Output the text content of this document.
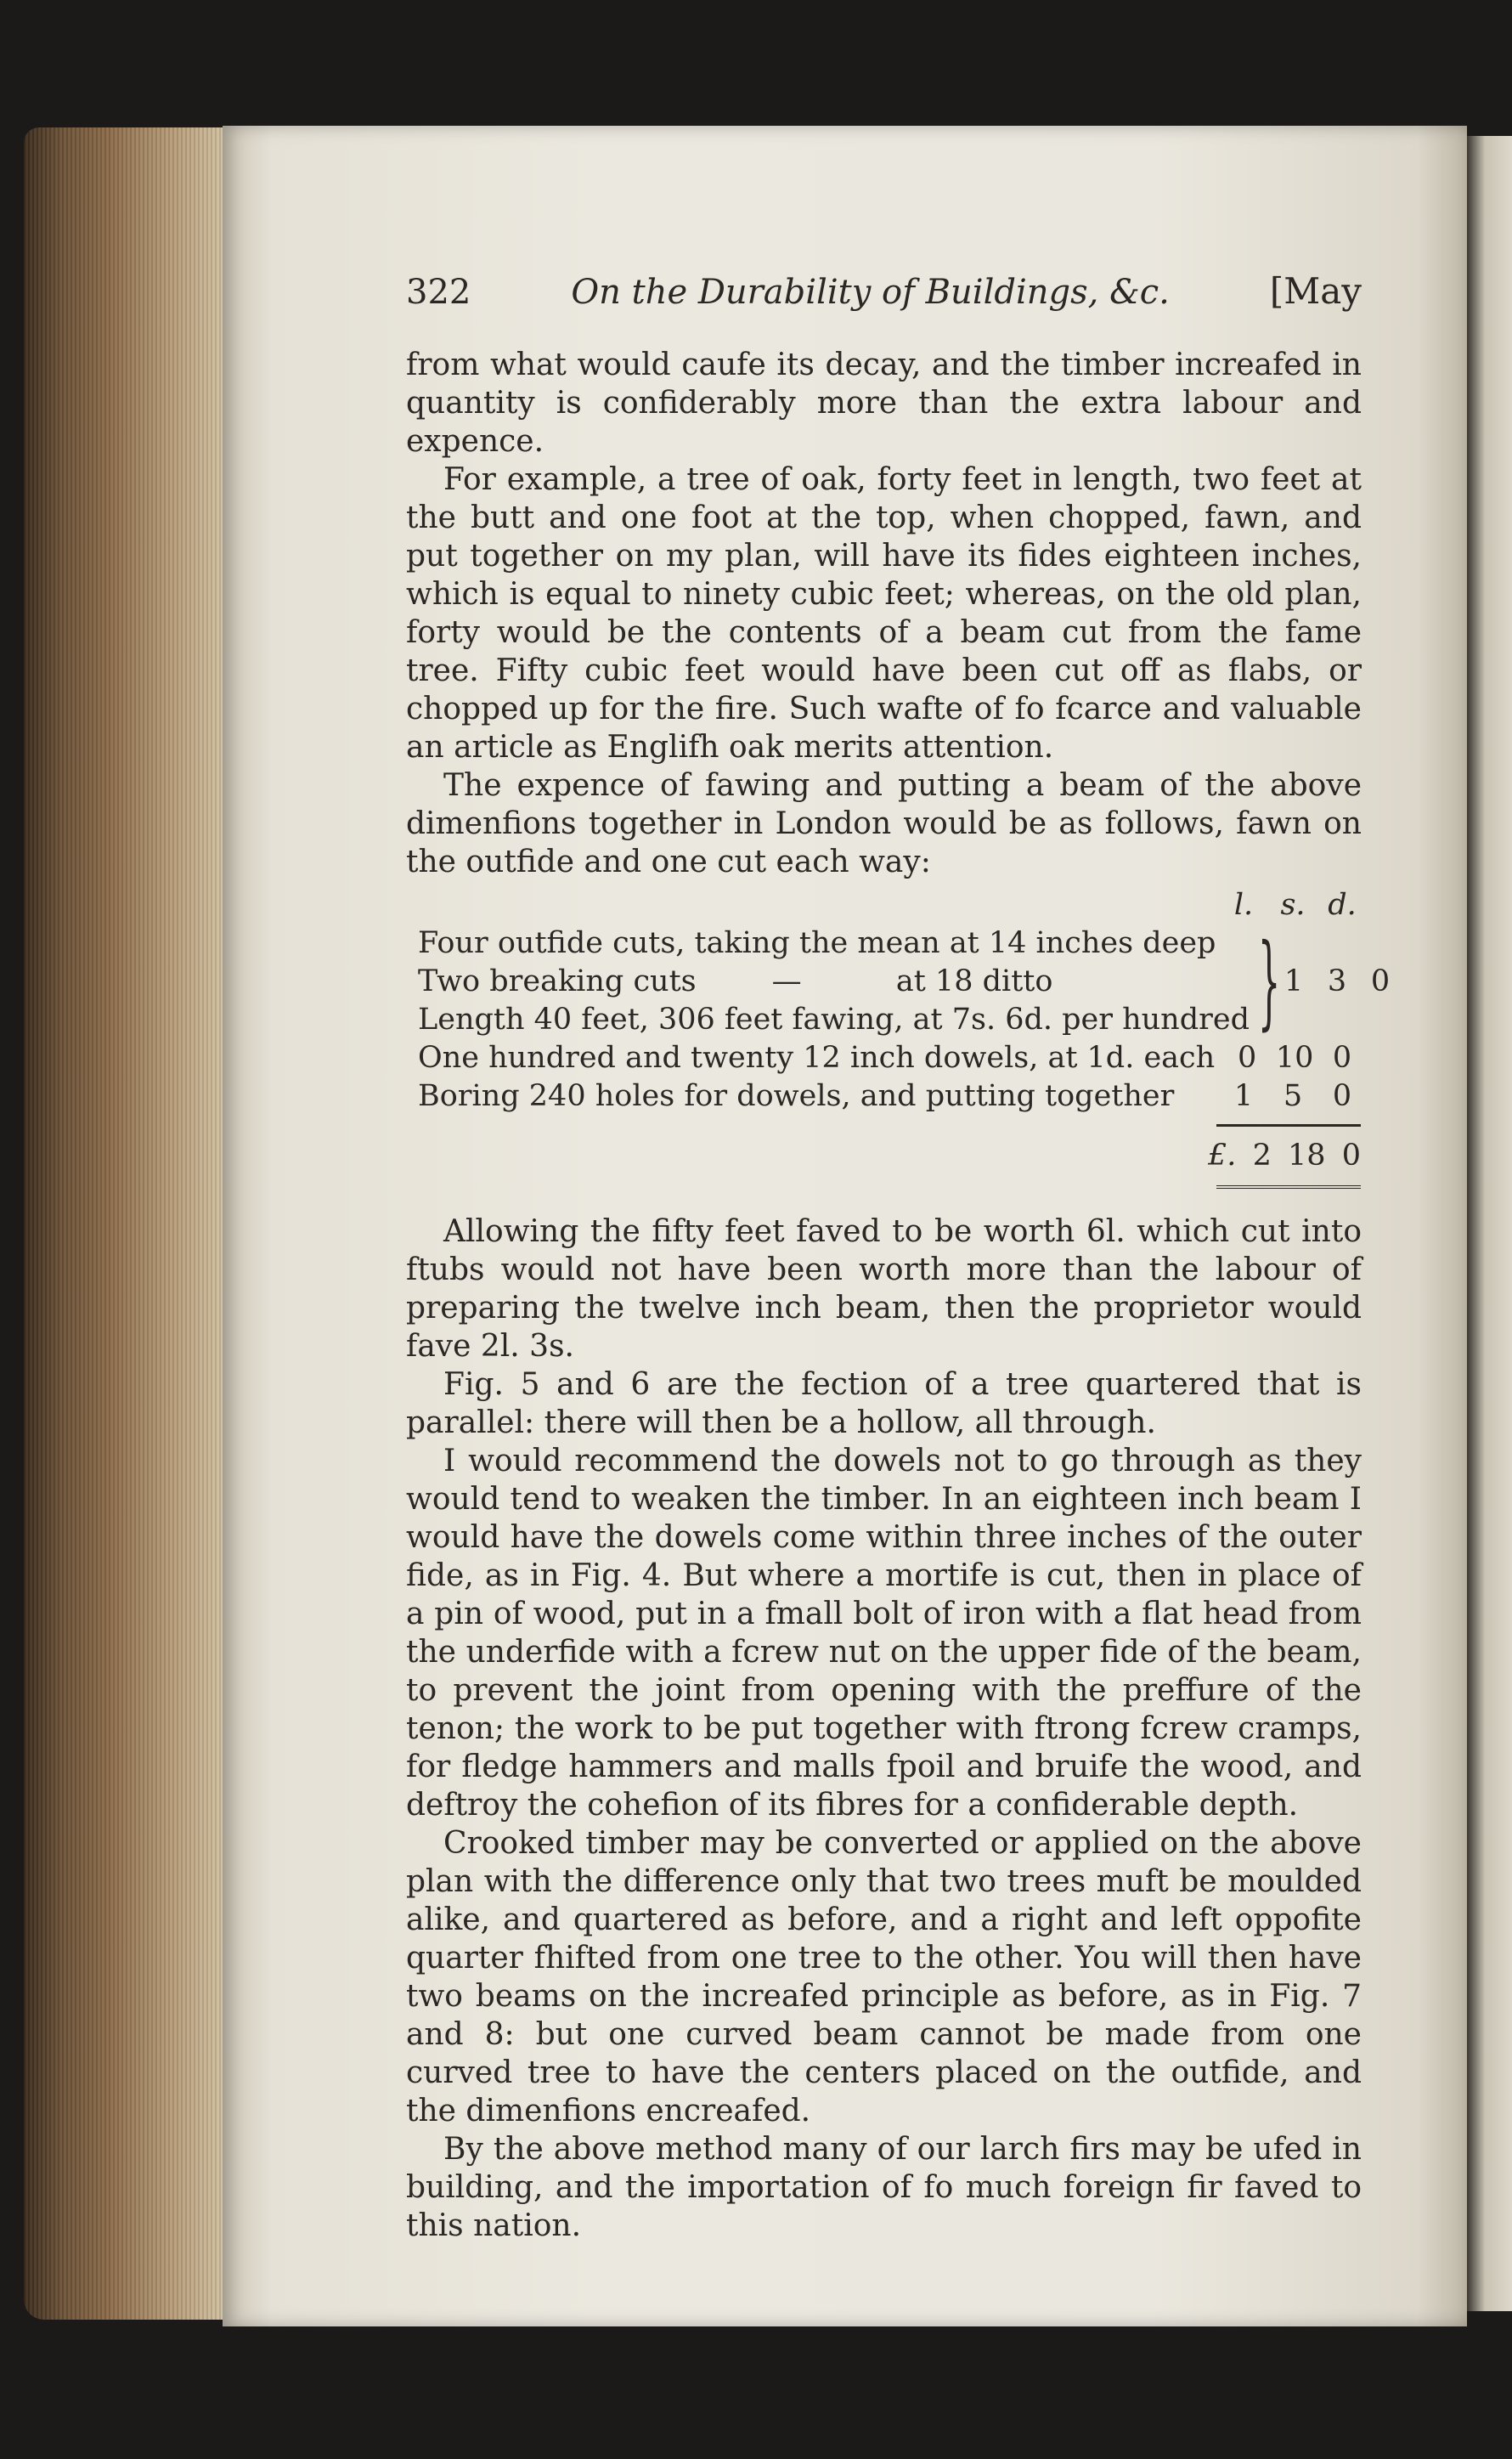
322	On the Durability of Buildings, &c.	[May

from what would caufe its decay, and the timber increafed in quantity is confiderably more than the extra labour and expence.

For example, a tree of oak, forty feet in length, two feet at the butt and one foot at the top, when chopped, fawn, and put together on my plan, will have its fides eighteen inches, which is equal to ninety cubic feet; whereas, on the old plan, forty would be the contents of a beam cut from the fame tree. Fifty cubic feet would have been cut off as flabs, or chopped up for the fire. Such wafte of fo fcarce and valuable an article as Englifh oak merits attention.

The expence of fawing and putting a beam of the above dimenfions together in London would be as follows, fawn on the outfide and one cut each way:

l. s. d.
Four outfide cuts, taking the mean at 14 inches deep
Two breaking cuts        —          at 18 ditto
Length 40 feet, 306 feet fawing, at 7s. 6d. per hundred } 1 3 0
One hundred and twenty 12 inch dowels, at 1d. each 0 10 0
Boring 240 holes for dowels, and putting together	1	5	0
£. 2 18 0

Allowing the fifty feet faved to be worth 6l. which cut into ftubs would not have been worth more than the labour of preparing the twelve inch beam, then the proprietor would fave 2l. 3s.

Fig. 5 and 6 are the fection of a tree quartered that is parallel: there will then be a hollow, all through.

I would recommend the dowels not to go through as they would tend to weaken the timber. In an eighteen inch beam I would have the dowels come within three inches of the outer fide, as in Fig. 4. But where a mortife is cut, then in place of a pin of wood, put in a fmall bolt of iron with a flat head from the underfide with a fcrew nut on the upper fide of the beam, to prevent the joint from opening with the preffure of the tenon; the work to be put together with ftrong fcrew cramps, for fledge hammers and malls fpoil and bruife the wood, and deftroy the cohefion of its fibres for a confiderable depth.

Crooked timber may be converted or applied on the above plan with the difference only that two trees muft be moulded alike, and quartered as before, and a right and left oppofite quarter fhifted from one tree to the other. You will then have two beams on the increafed principle as before, as in Fig. 7 and 8: but one curved beam cannot be made from one curved tree to have the centers placed on the outfide, and the dimenfions encreafed.

By the above method many of our larch firs may be ufed in building, and the importation of fo much foreign fir faved to this nation.
